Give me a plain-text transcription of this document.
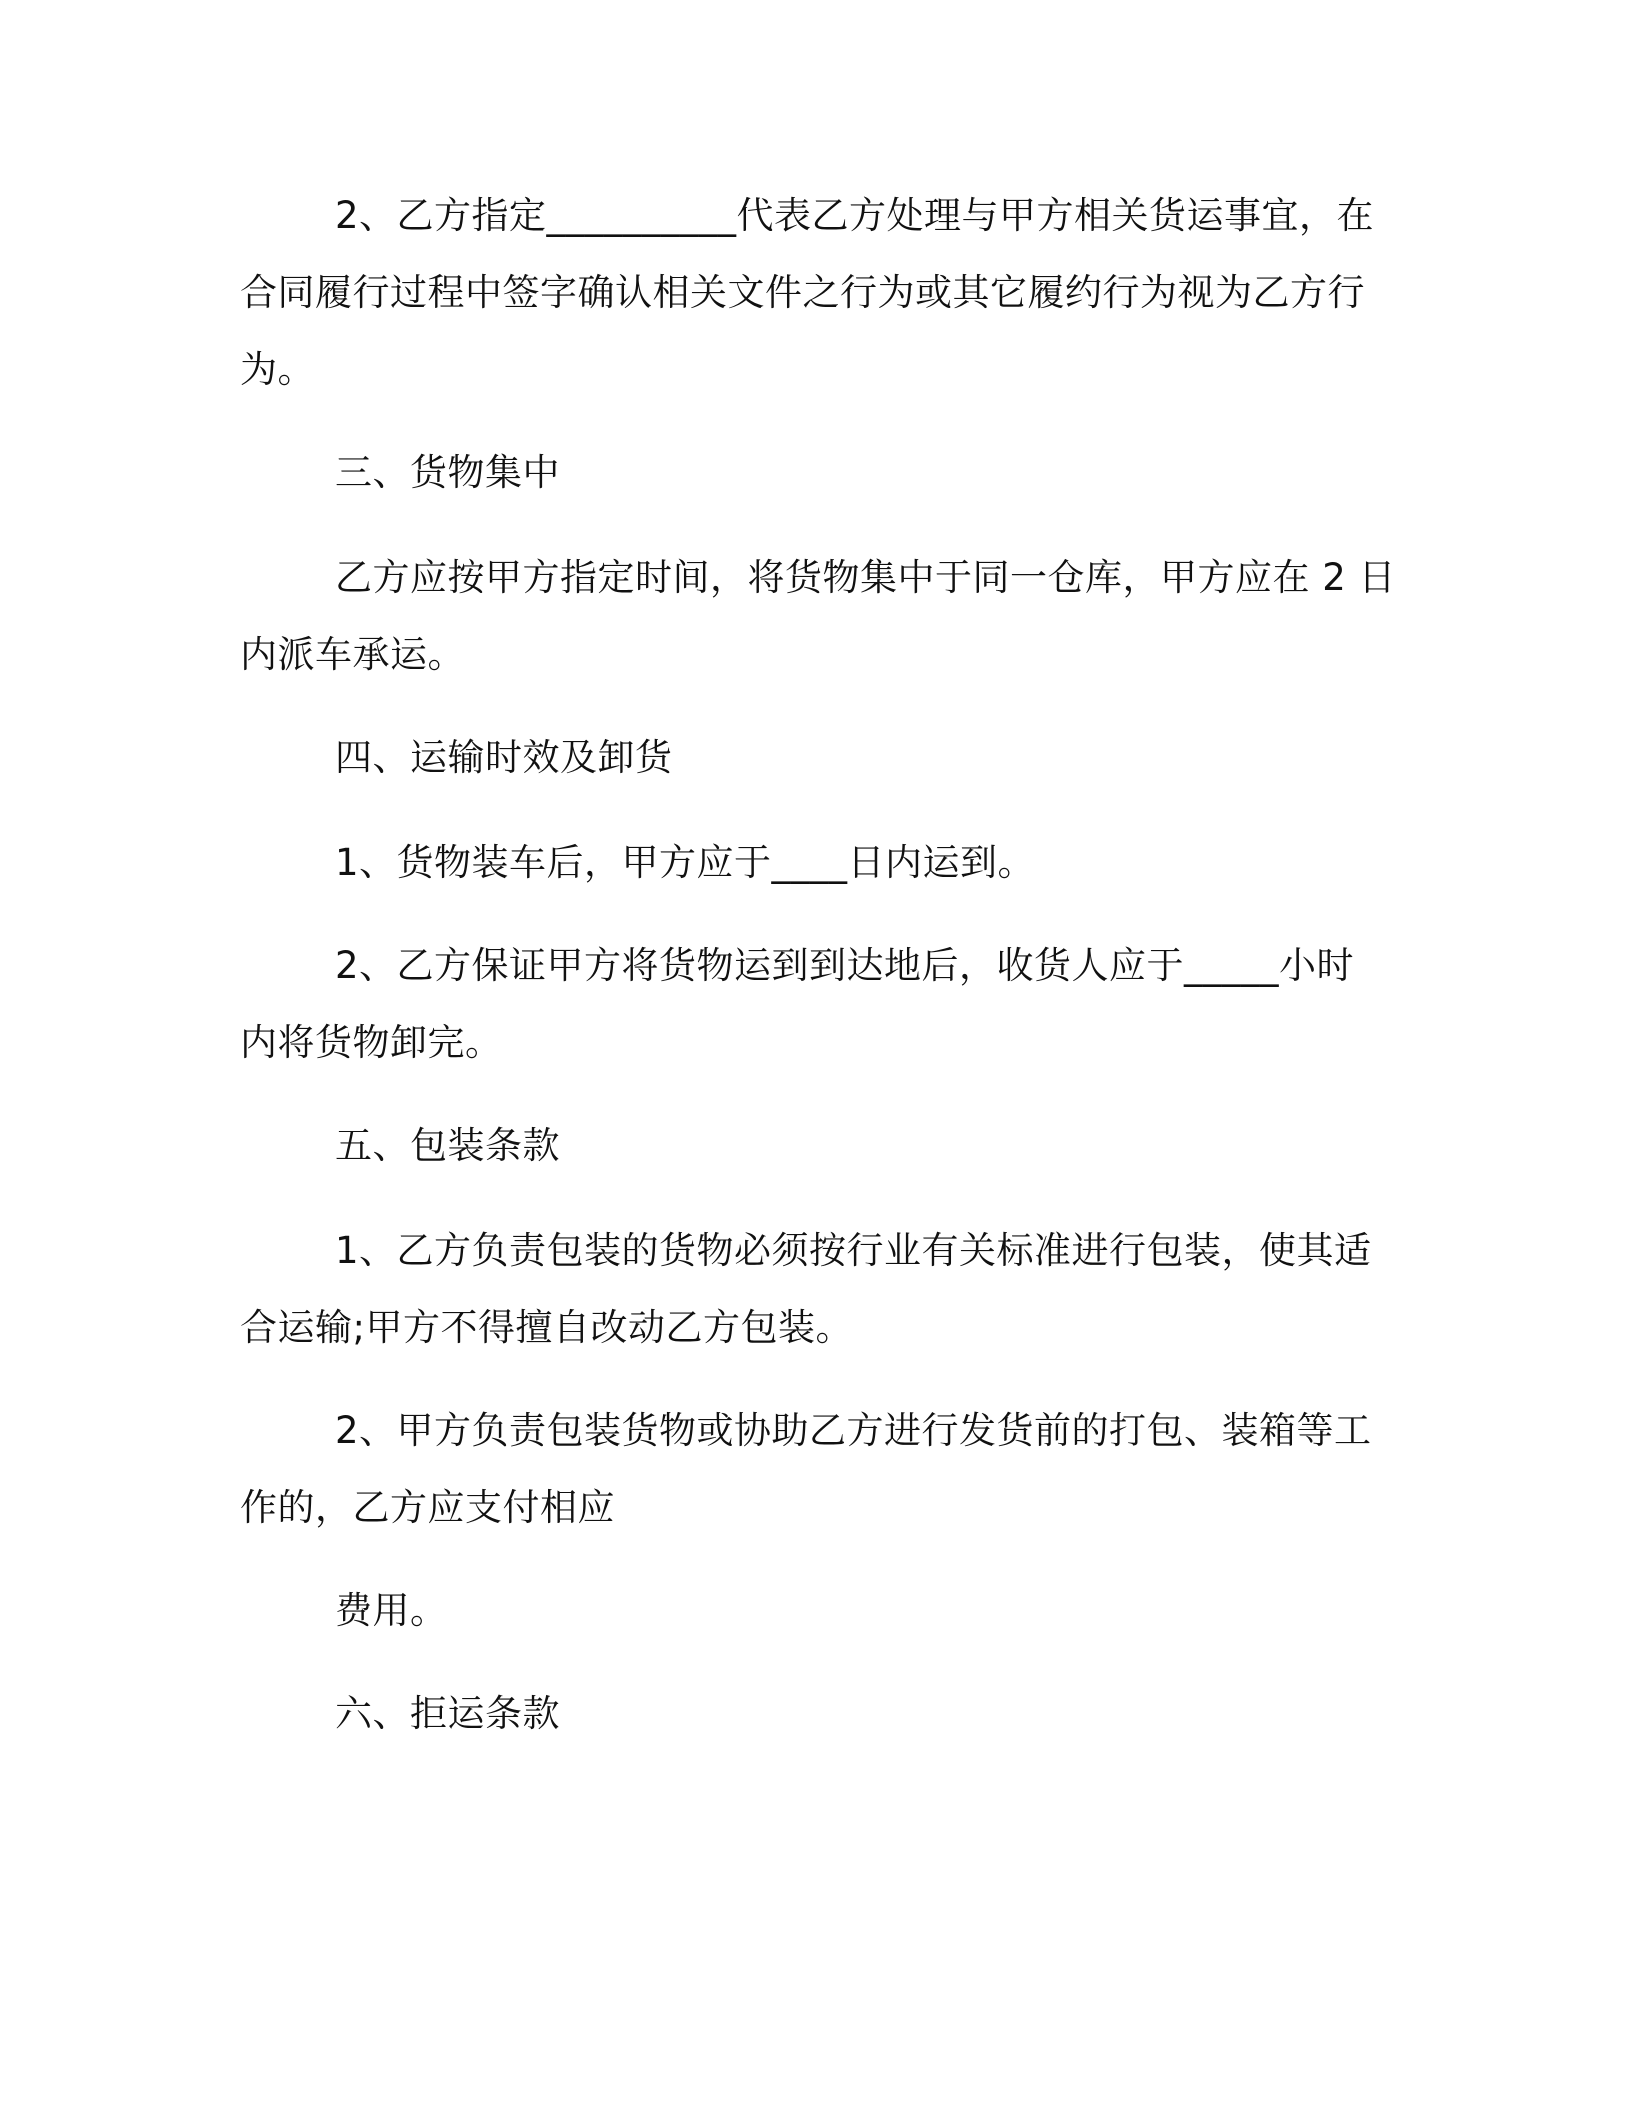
2、乙方指定__________代表乙方处理与甲方相关货运事宜，在
合同履行过程中签字确认相关文件之行为或其它履约行为视为乙方行
为。
三、货物集中
乙方应按甲方指定时间，将货物集中于同一仓库，甲方应在 2 日
内派车承运。
四、运输时效及卸货
1、货物装车后，甲方应于____日内运到。
2、乙方保证甲方将货物运到到达地后，收货人应于_____小时
内将货物卸完。
五、包装条款
1、乙方负责包装的货物必须按行业有关标准进行包装，使其适
合运输;甲方不得擅自改动乙方包装。
2、甲方负责包装货物或协助乙方进行发货前的打包、装箱等工
作的，乙方应支付相应
费用。
六、拒运条款
